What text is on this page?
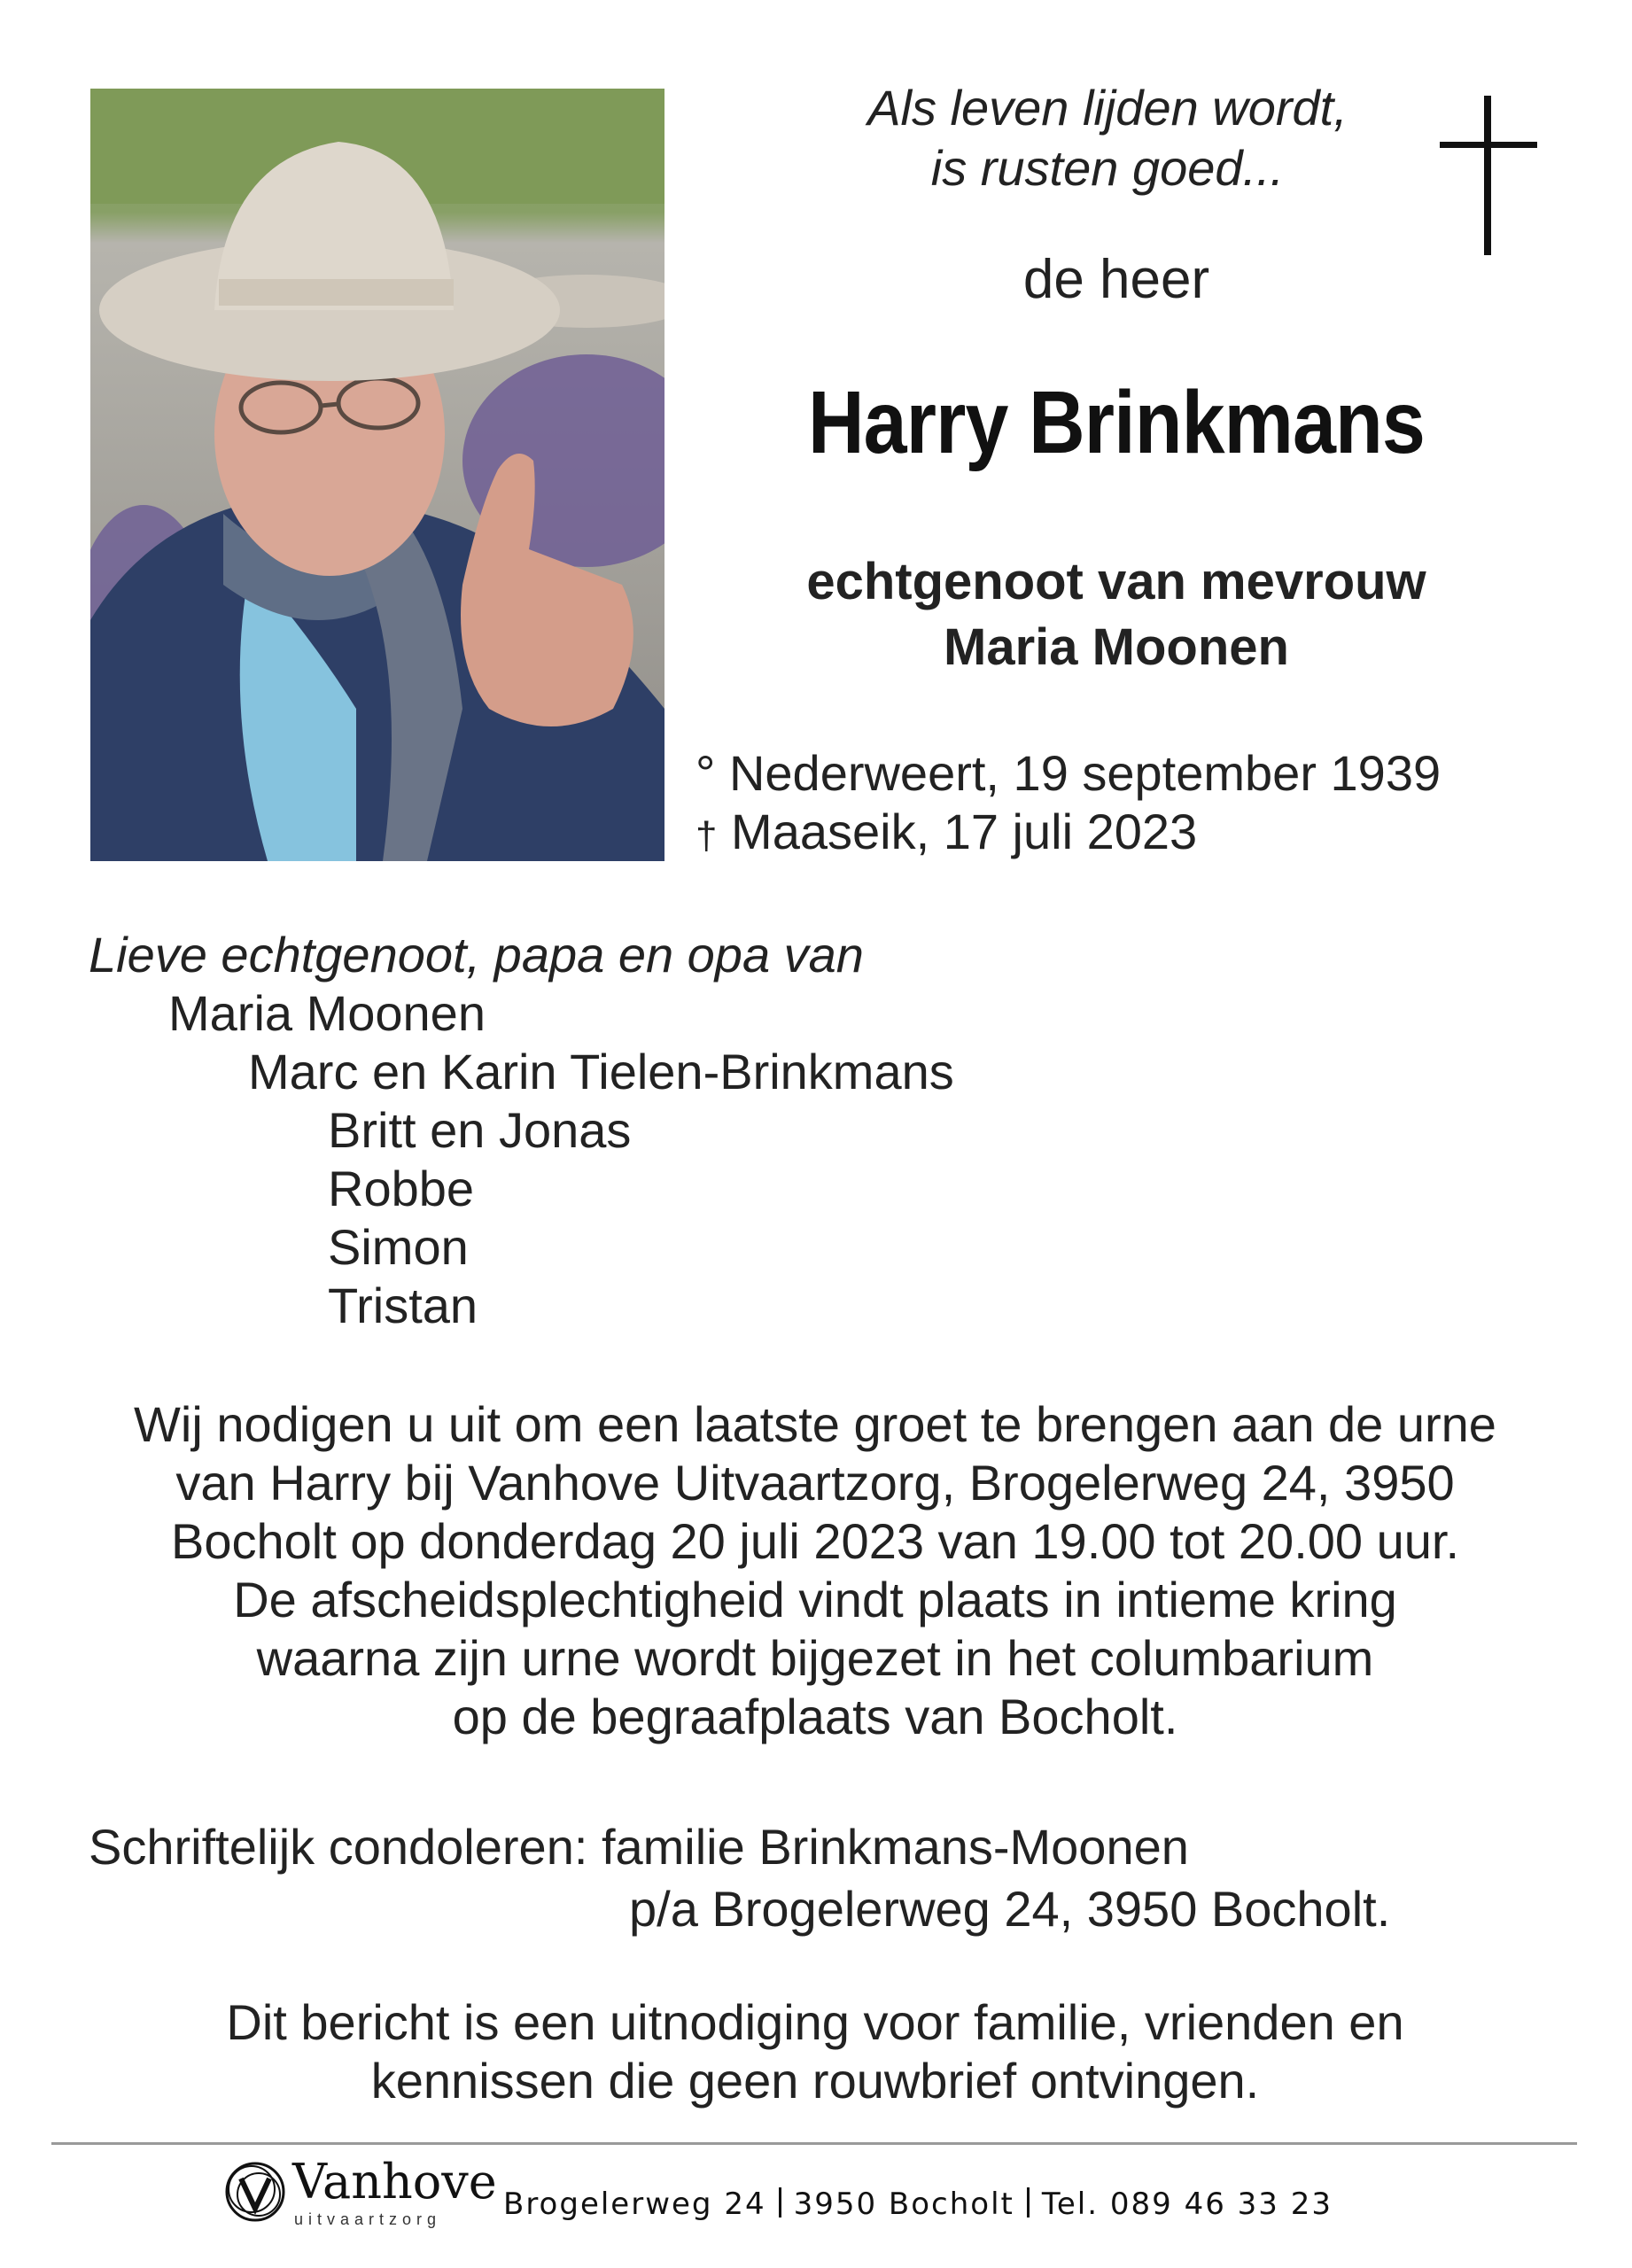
Als leven lijden wordt,
is rusten goed...
de heer
Harry Brinkmans
echtgenoot van mevrouw
Maria Moonen
° Nederweert, 19 september 1939
† Maaseik, 17 juli 2023
Lieve echtgenoot, papa en opa van
Maria Moonen
Marc en Karin Tielen-Brinkmans
Britt en Jonas
Robbe
Simon
Tristan
Wij nodigen u uit om een laatste groet te brengen aan de urne
van Harry bij Vanhove Uitvaartzorg, Brogelerweg 24, 3950
Bocholt op donderdag 20 juli 2023 van 19.00 tot 20.00 uur.
De afscheidsplechtigheid vindt plaats in intieme kring
waarna zijn urne wordt bijgezet in het columbarium
op de begraafplaats van Bocholt.
Schriftelijk condoleren: familie Brinkmans-Moonen
p/a Brogelerweg 24, 3950 Bocholt.
Dit bericht is een uitnodiging voor familie, vrienden en
kennissen die geen rouwbrief ontvingen.
Vanhove
uitvaartzorg Brogelerweg 24 3950 Bocholt Tel. 089 46 33 23
